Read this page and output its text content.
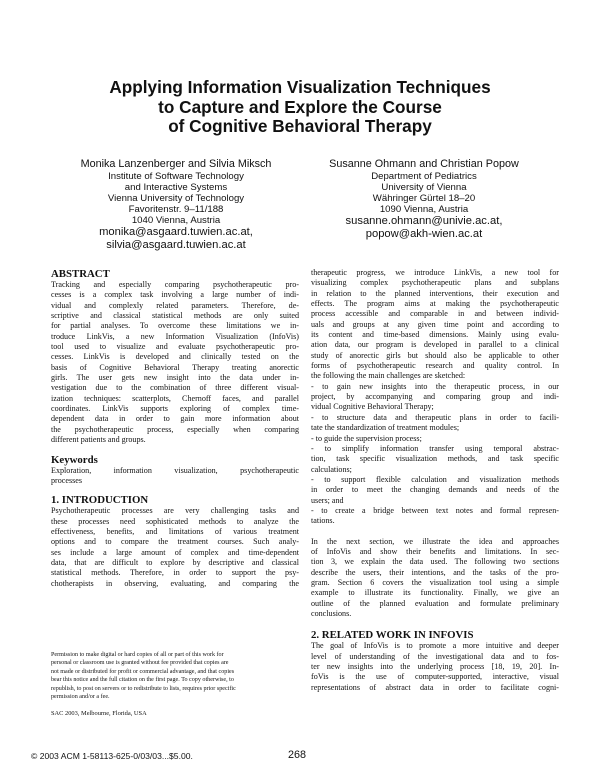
Applying Information Visualization Techniques
to Capture and Explore the Course
of Cognitive Behavioral Therapy
Monika Lanzenberger and Silvia Miksch
Institute of Software Technology
and Interactive Systems
Vienna University of Technology
Favoritenstr. 9–11/188
1040 Vienna, Austria
monika@asgaard.tuwien.ac.at,
silvia@asgaard.tuwien.ac.at
Susanne Ohmann and Christian Popow
Department of Pediatrics
University of Vienna
Währinger Gürtel 18–20
1090 Vienna, Austria
susanne.ohmann@univie.ac.at,
popow@akh-wien.ac.at
ABSTRACT
Tracking and especially comparing psychotherapeutic pro-
cesses is a complex task involving a large number of indi-
vidual and complexly related parameters. Therefore, de-
scriptive and classical statistical methods are only suited
for partial analyses. To overcome these limitations we in-
troduce LinkVis, a new Information Visualization (InfoVis)
tool used to visualize and evaluate psychotherapeutic pro-
cesses. LinkVis is developed and clinically tested on the
basis of Cognitive Behavioral Therapy treating anorectic
girls. The user gets new insight into the data under in-
vestigation due to the combination of three different visual-
ization techniques: scatterplots, Chernoff faces, and parallel
coordinates. LinkVis supports exploring of complex time-
dependent data in order to gain more information about
the psychotherapeutic process, especially when comparing
different patients and groups.
Keywords
Exploration, information visualization, psychotherapeutic
processes
1. INTRODUCTION
Psychotherapeutic processes are very challenging tasks and
these processes need sophisticated methods to analyze the
effectiveness, benefits, and limitations of various treatment
options and to compare the treatment courses. Such analy-
ses include a large amount of complex and time-dependent
data, that are difficult to explore by descriptive and classical
statistical methods. Therefore, in order to support the psy-
chotherapists in observing, evaluating, and comparing the
Permission to make digital or hard copies of all or part of this work for
personal or classroom use is granted without fee provided that copies are
not made or distributed for profit or commercial advantage, and that copies
bear this notice and the full citation on the first page. To copy otherwise, to
republish, to post on servers or to redistribute to lists, requires prior specific
permission and/or a fee.
SAC 2003, Melbourne, Florida, USA
therapeutic progress, we introduce LinkVis, a new tool for
visualizing complex psychotherapeutic plans and subplans
in relation to the planned interventions, their execution and
effects. The program aims at making the psychotherapeutic
process accessible and comparable in and between individ-
uals and groups at any given time point and according to
its content and time-based dimensions. Mainly using evalu-
ation data, our program is developed in parallel to a clinical
study of anorectic girls but should also be applicable to other
forms of psychotherapeutic research and quality control. In
the following the main challenges are sketched:
- to gain new insights into the therapeutic process, in our
project, by accompanying and comparing group and indi-
vidual Cognitive Behavioral Therapy;
- to structure data and therapeutic plans in order to facili-
tate the standardization of treatment modules;
- to guide the supervision process;
- to simplify information transfer using temporal abstrac-
tion, task specific visualization methods, and task specific
calculations;
- to support flexible calculation and visualization methods
in order to meet the changing demands and needs of the
users; and
- to create a bridge between text notes and formal represen-
tations.
In the next section, we illustrate the idea and approaches
of InfoVis and show their benefits and limitations. In sec-
tion 3, we explain the data used. The following two sections
describe the users, their intentions, and the tasks of the pro-
gram. Section 6 covers the visualization tool using a simple
example to illustrate its functionality. Finally, we give an
outline of the planned evaluation and formulate preliminary
conclusions.
2. RELATED WORK IN INFOVIS
The goal of InfoVis is to promote a more intuitive and deeper
level of understanding of the investigational data and to fos-
ter new insights into the underlying process [18, 19, 20]. In-
foVis is the use of computer-supported, interactive, visual
representations of abstract data in order to facilitate cogni-
© 2003 ACM 1-58113-625-0/03/03...$5.00.	268
